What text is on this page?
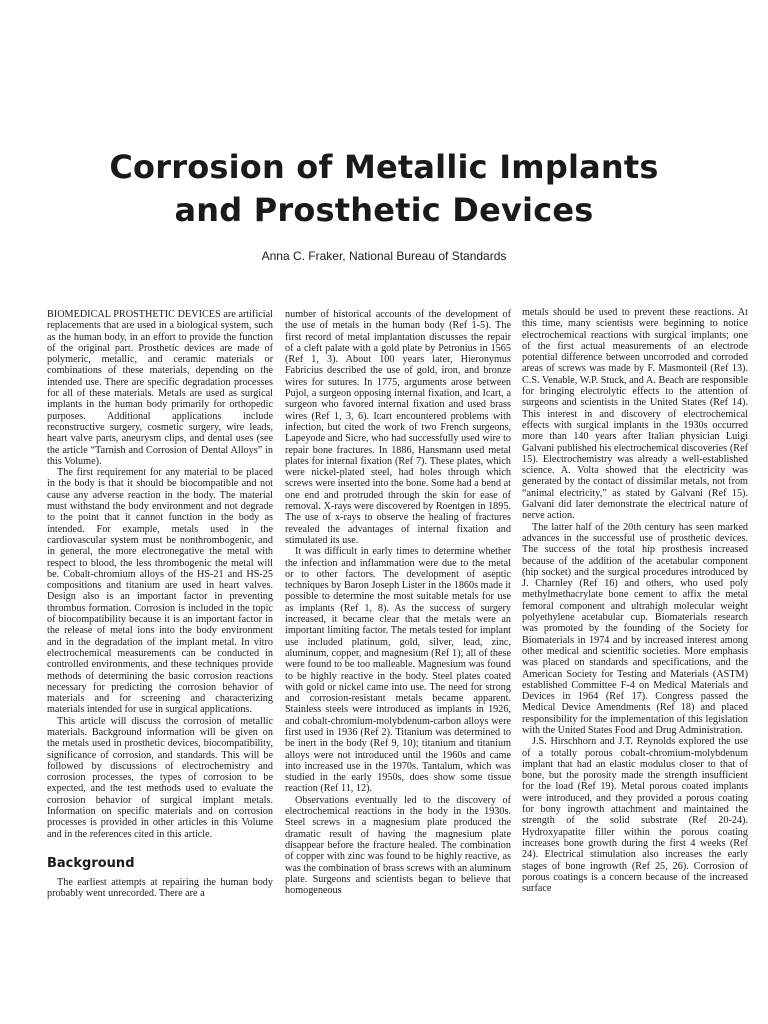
Corrosion of Metallic Implants
and Prosthetic Devices
Anna C. Fraker, National Bureau of Standards

BIOMEDICAL PROSTHETIC DEVICES are artificial replacements that are used in a biological system, such as the human body, in an effort to provide the function of the original part. Prosthetic devices are made of polymeric, metallic, and ceramic materials or combinations of these materials, depending on the intended use. There are specific degradation processes for all of these materials. Metals are used as surgical implants in the human body primarily for orthopedic purposes. Additional applications include reconstructive surgery, cosmetic surgery, wire leads, heart valve parts, aneurysm clips, and dental uses (see the article “Tarnish and Corrosion of Dental Alloys” in this Volume).

The first requirement for any material to be placed in the body is that it should be biocompatible and not cause any adverse reaction in the body. The material must withstand the body environment and not degrade to the point that it cannot function in the body as intended. For example, metals used in the cardiovascular system must be nonthrombogenic, and in general, the more electronegative the metal with respect to blood, the less thrombogenic the metal will be. Cobalt-chromium alloys of the HS-21 and HS-25 compositions and titanium are used in heart valves. Design also is an important factor in preventing thrombus formation. Corrosion is included in the topic of biocompatibility because it is an important factor in the release of metal ions into the body environment and in the degradation of the implant metal. In vitro electrochemical measurements can be conducted in controlled environments, and these techniques provide methods of determining the basic corrosion reactions necessary for predicting the corrosion behavior of materials and for screening and characterizing materials intended for use in surgical applications.

This article will discuss the corrosion of metallic materials. Background information will be given on the metals used in prosthetic devices, biocompatibility, significance of corrosion, and standards. This will be followed by discussions of electrochemistry and corrosion processes, the types of corrosion to be expected, and the test methods used to evaluate the corrosion behavior of surgical implant metals. Information on specific materials and on corrosion processes is provided in other articles in this Volume and in the references cited in this article.

Background

The earliest attempts at repairing the human body probably went unrecorded. There are a

number of historical accounts of the development of the use of metals in the human body (Ref 1-5). The first record of metal implantation discusses the repair of a cleft palate with a gold plate by Petronius in 1565 (Ref 1, 3). About 100 years later, Hieronymus Fabricius described the use of gold, iron, and bronze wires for sutures. In 1775, arguments arose between Pujol, a surgeon opposing internal fixation, and Icart, a surgeon who favored internal fixation and used brass wires (Ref 1, 3, 6). Icart encountered problems with infection, but cited the work of two French surgeons, Lapeyode and Sicre, who had successfully used wire to repair bone fractures. In 1886, Hansmann used metal plates for internal fixation (Ref 7). These plates, which were nickel-plated steel, had holes through which screws were inserted into the bone. Some had a bend at one end and protruded through the skin for ease of removal. X-rays were discovered by Roentgen in 1895. The use of x-rays to observe the healing of fractures revealed the advantages of internal fixation and stimulated its use.

It was difficult in early times to determine whether the infection and inflammation were due to the metal or to other factors. The development of aseptic techniques by Baron Joseph Lister in the 1860s made it possible to determine the most suitable metals for use as implants (Ref 1, 8). As the success of surgery increased, it became clear that the metals were an important limiting factor. The metals tested for implant use included platinum, gold, silver, lead, zinc, aluminum, copper, and magnesium (Ref 1); all of these were found to be too malleable. Magnesium was found to be highly reactive in the body. Steel plates coated with gold or nickel came into use. The need for strong and corrosion-resistant metals became apparent. Stainless steels were introduced as implants in 1926, and cobalt-chromium-molybdenum-carbon alloys were first used in 1936 (Ref 2). Titanium was determined to be inert in the body (Ref 9, 10); titanium and titanium alloys were not introduced until the 1960s and came into increased use in the 1970s. Tantalum, which was studied in the early 1950s, does show some tissue reaction (Ref 11, 12).

Observations eventually led to the discovery of electrochemical reactions in the body in the 1930s. Steel screws in a magnesium plate produced the dramatic result of having the magnesium plate disappear before the fracture healed. The combination of copper with zinc was found to be highly reactive, as was the combination of brass screws with an aluminum plate. Surgeons and scientists began to believe that homogeneous

metals should be used to prevent these reactions. At this time, many scientists were beginning to notice electrochemical reactions with surgical implants; one of the first actual measurements of an electrode potential difference between uncorroded and corroded areas of screws was made by F. Masmonteil (Ref 13). C.S. Venable, W.P. Stuck, and A. Beach are responsible for bringing electrolytic effects to the attention of surgeons and scientists in the United States (Ref 14). This interest in and discovery of electrochemical effects with surgical implants in the 1930s occurred more than 140 years after Italian physician Luigi Galvani published his electrochemical discoveries (Ref 15). Electrochemistry was already a well-established science. A. Volta showed that the electricity was generated by the contact of dissimilar metals, not from “animal electricity,” as stated by Galvani (Ref 15). Galvani did later demonstrate the electrical nature of nerve action.

The latter half of the 20th century has seen marked advances in the successful use of prosthetic devices. The success of the total hip prosthesis increased because of the addition of the acetabular component (hip socket) and the surgical procedures introduced by J. Charnley (Ref 16) and others, who used poly methylmethacrylate bone cement to affix the metal femoral component and ultrahigh molecular weight polyethylene acetabular cup. Biomaterials research was promoted by the founding of the Society for Biomaterials in 1974 and by increased interest among other medical and scientific societies. More emphasis was placed on standards and specifications, and the American Society for Testing and Materials (ASTM) established Committee F-4 on Medical Materials and Devices in 1964 (Ref 17). Congress passed the Medical Device Amendments (Ref 18) and placed responsibility for the implementation of this legislation with the United States Food and Drug Administration.

J.S. Hirschhorn and J.T. Reynolds explored the use of a totally porous cobalt-chromium-molybdenum implant that had an elastic modulus closer to that of bone, but the porosity made the strength insufficient for the load (Ref 19). Metal porous coated implants were introduced, and they provided a porous coating for bony ingrowth attachment and maintained the strength of the solid substrate (Ref 20-24). Hydroxyapatite filler within the porous coating increases bone growth during the first 4 weeks (Ref 24). Electrical stimulation also increases the early stages of bone ingrowth (Ref 25, 26). Corrosion of porous coatings is a concern because of the increased surface
